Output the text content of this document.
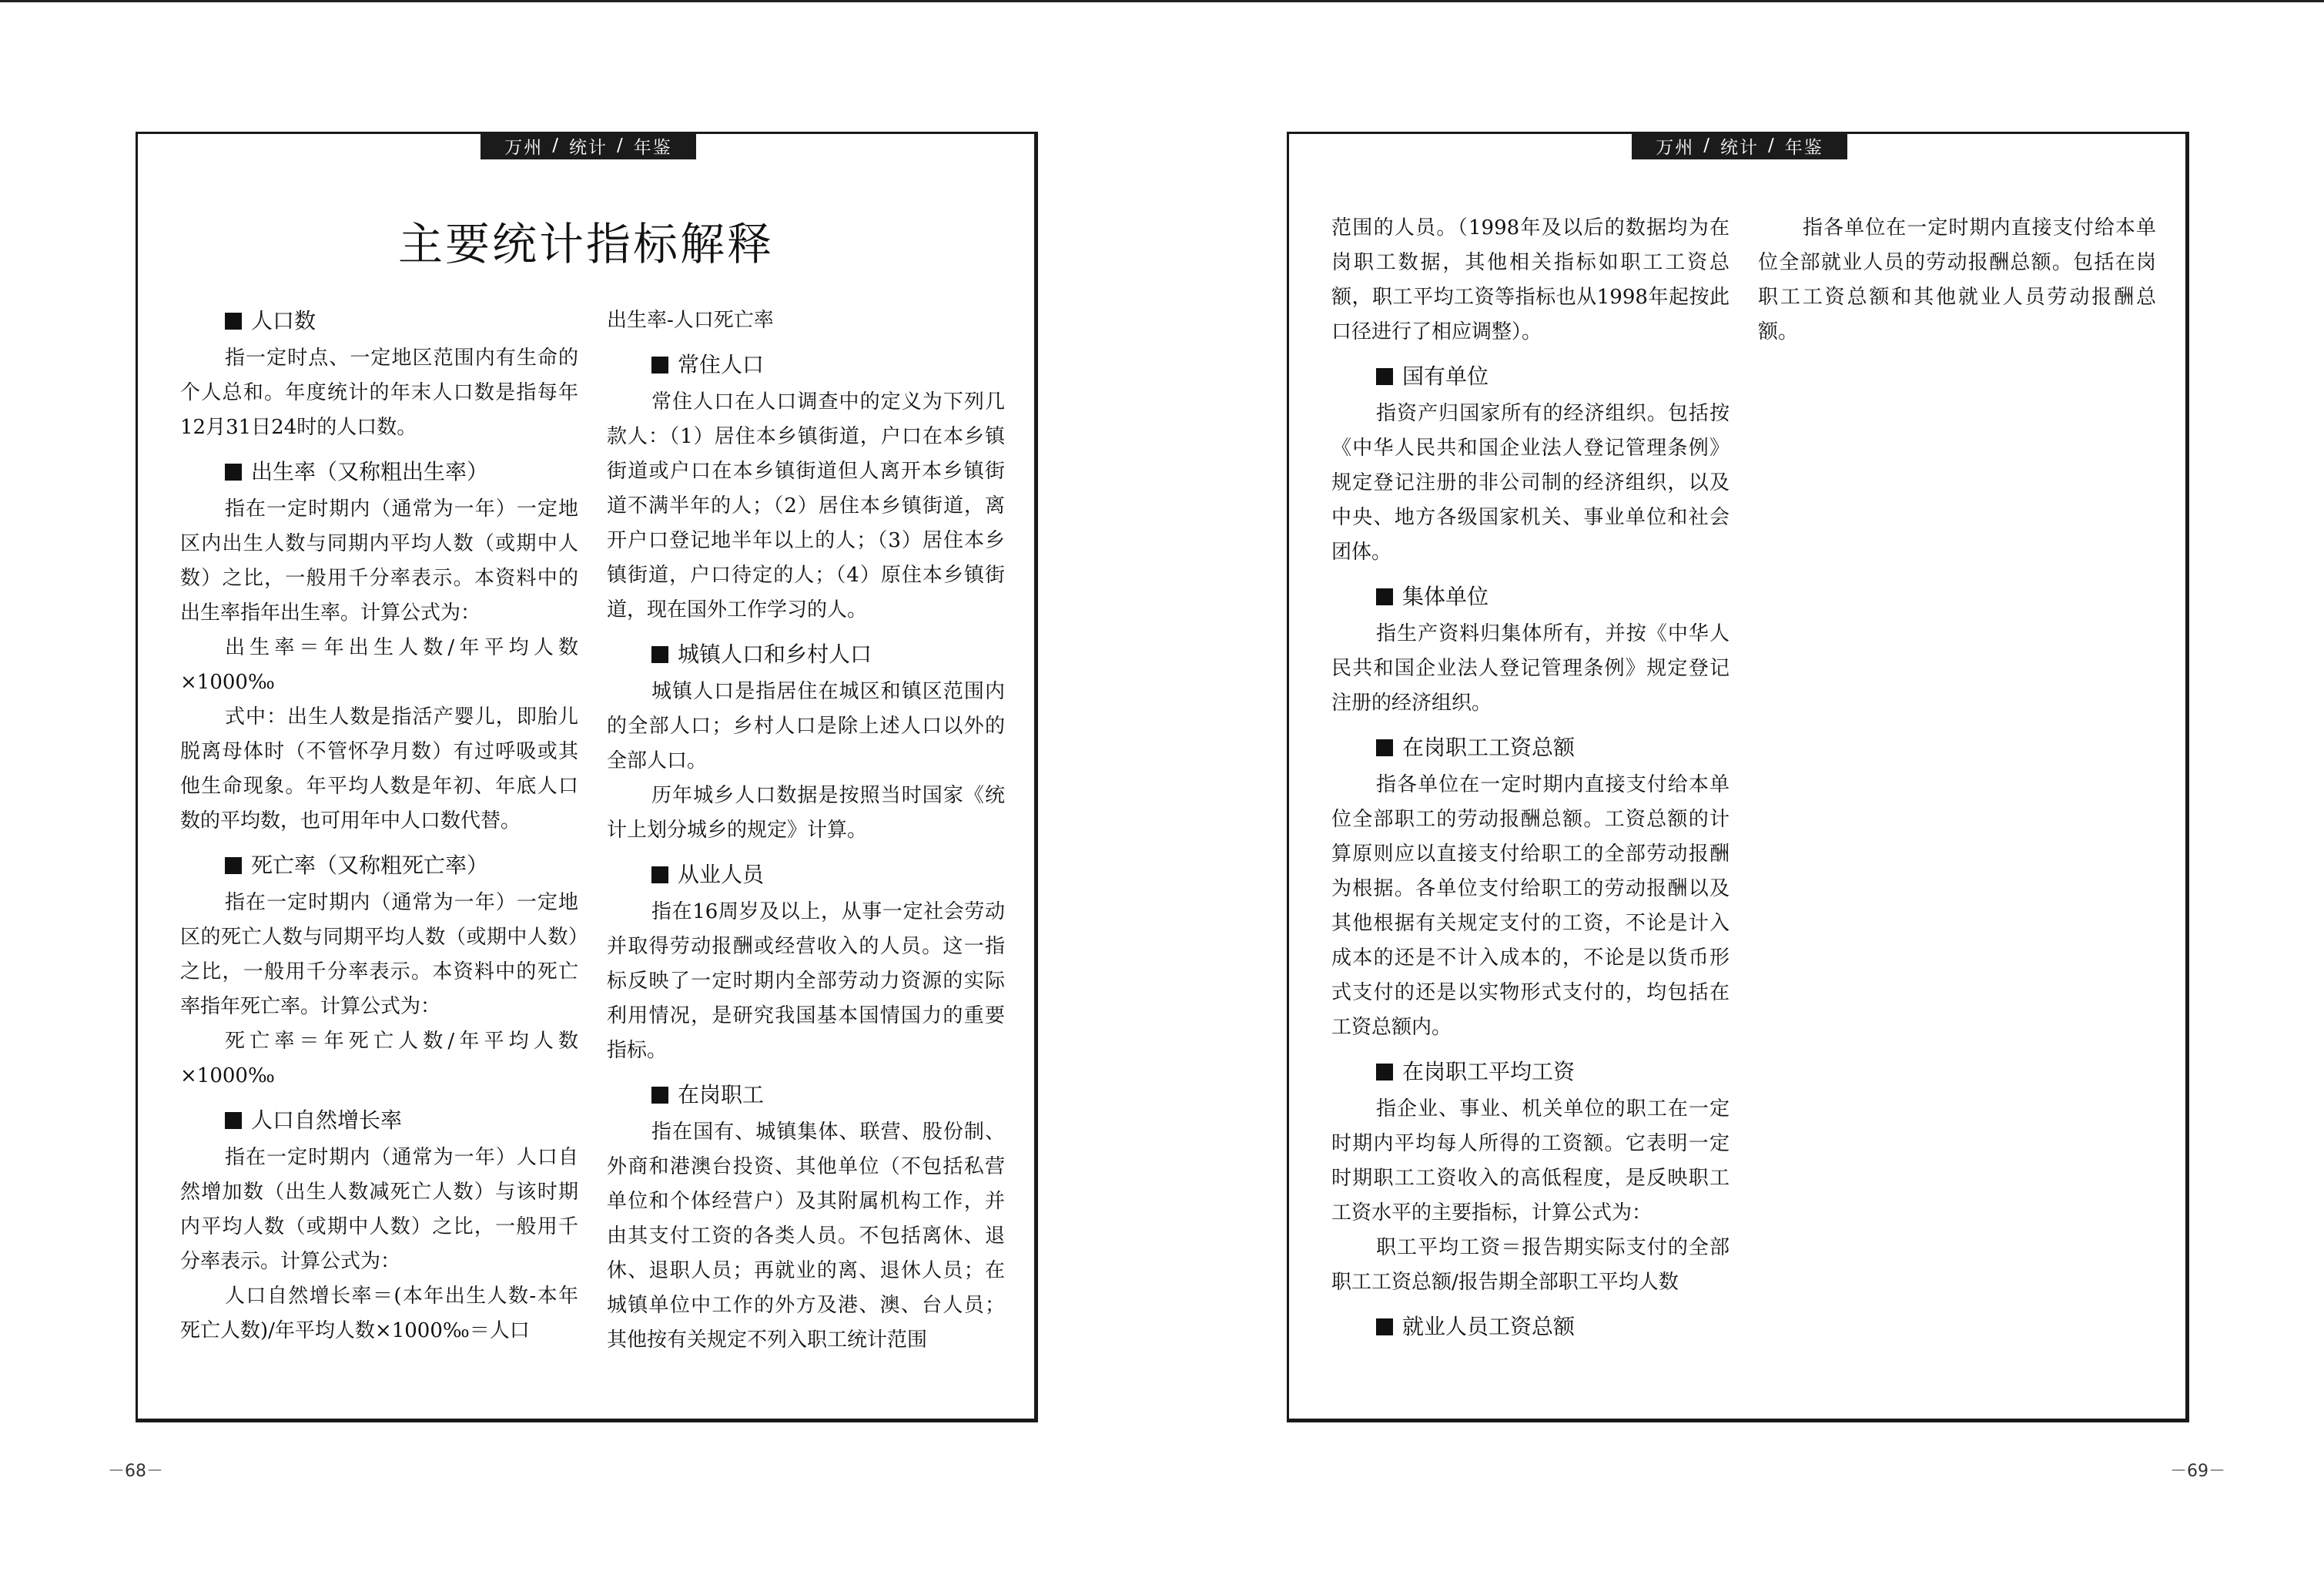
万州 / 统计 / 年鉴
主要统计指标解释
人口数
指一定时点、一定地区范围内有生命的个人总和。年度统计的年末人口数是指每年12月31日24时的人口数。
出生率（又称粗出生率）
指在一定时期内（通常为一年）一定地区内出生人数与同期内平均人数（或期中人数）之比，一般用千分率表示。本资料中的出生率指年出生率。计算公式为：
出生率＝年出生人数/年平均人数×1000‰
式中：出生人数是指活产婴儿，即胎儿脱离母体时（不管怀孕月数）有过呼吸或其他生命现象。年平均人数是年初、年底人口数的平均数，也可用年中人口数代替。
死亡率（又称粗死亡率）
指在一定时期内（通常为一年）一定地区的死亡人数与同期平均人数（或期中人数）之比，一般用千分率表示。本资料中的死亡率指年死亡率。计算公式为：
死亡率＝年死亡人数/年平均人数×1000‰
人口自然增长率
指在一定时期内（通常为一年）人口自然增加数（出生人数减死亡人数）与该时期内平均人数（或期中人数）之比，一般用千分率表示。计算公式为：
人口自然增长率＝(本年出生人数-本年死亡人数)/年平均人数×1000‰＝人口
出生率-人口死亡率
常住人口
常住人口在人口调查中的定义为下列几款人：（1）居住本乡镇街道，户口在本乡镇街道或户口在本乡镇街道但人离开本乡镇街道不满半年的人；（2）居住本乡镇街道，离开户口登记地半年以上的人；（3）居住本乡镇街道，户口待定的人；（4）原住本乡镇街道，现在国外工作学习的人。
城镇人口和乡村人口
城镇人口是指居住在城区和镇区范围内的全部人口；乡村人口是除上述人口以外的全部人口。
历年城乡人口数据是按照当时国家《统计上划分城乡的规定》计算。
从业人员
指在16周岁及以上，从事一定社会劳动并取得劳动报酬或经营收入的人员。这一指标反映了一定时期内全部劳动力资源的实际利用情况，是研究我国基本国情国力的重要指标。
在岗职工
指在国有、城镇集体、联营、股份制、外商和港澳台投资、其他单位（不包括私营单位和个体经营户）及其附属机构工作，并由其支付工资的各类人员。不包括离休、退休、退职人员；再就业的离、退休人员；在城镇单位中工作的外方及港、澳、台人员；其他按有关规定不列入职工统计范围
万州 / 统计 / 年鉴
范围的人员。（1998年及以后的数据均为在岗职工数据，其他相关指标如职工工资总额，职工平均工资等指标也从1998年起按此口径进行了相应调整）。
国有单位
指资产归国家所有的经济组织。包括按《中华人民共和国企业法人登记管理条例》规定登记注册的非公司制的经济组织，以及中央、地方各级国家机关、事业单位和社会团体。
集体单位
指生产资料归集体所有，并按《中华人民共和国企业法人登记管理条例》规定登记注册的经济组织。
在岗职工工资总额
指各单位在一定时期内直接支付给本单位全部职工的劳动报酬总额。工资总额的计算原则应以直接支付给职工的全部劳动报酬为根据。各单位支付给职工的劳动报酬以及其他根据有关规定支付的工资，不论是计入成本的还是不计入成本的，不论是以货币形式支付的还是以实物形式支付的，均包括在工资总额内。
在岗职工平均工资
指企业、事业、机关单位的职工在一定时期内平均每人所得的工资额。它表明一定时期职工工资收入的高低程度，是反映职工工资水平的主要指标，计算公式为：
职工平均工资＝报告期实际支付的全部职工工资总额/报告期全部职工平均人数
就业人员工资总额
指各单位在一定时期内直接支付给本单位全部就业人员的劳动报酬总额。包括在岗职工工资总额和其他就业人员劳动报酬总额。
－68－	－69－
